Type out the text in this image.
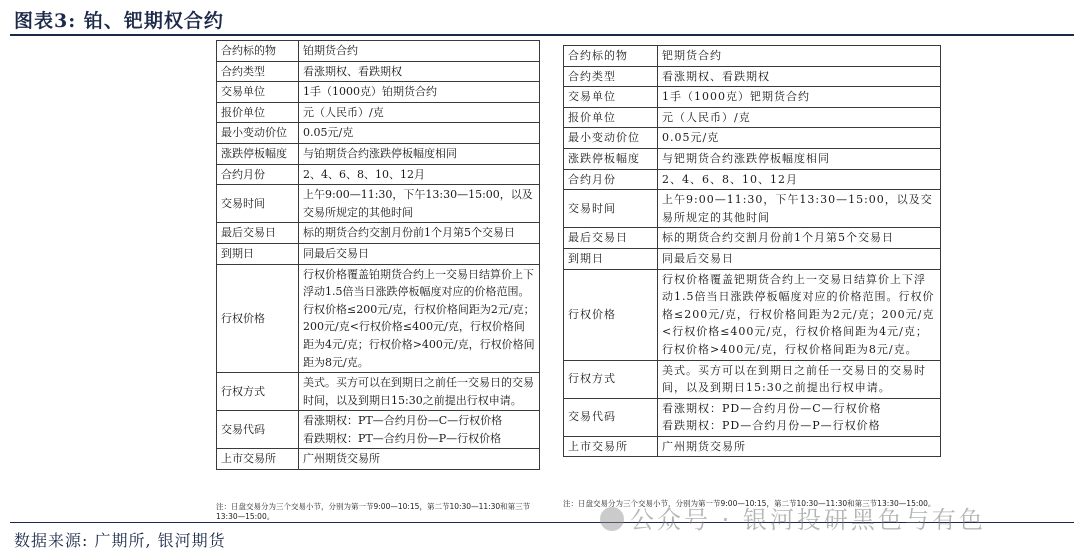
图表3: 铂、钯期权合约
合约标的物	铂期货合约
合约类型	看涨期权、看跌期权
交易单位	1手（1000克）铂期货合约
报价单位	元（人民币）/克
最小变动价位	0.05元/克
涨跌停板幅度	与铂期货合约涨跌停板幅度相同
合约月份	2、4、6、8、10、12月
交易时间	上午9:00—11:30，下午13:30—15:00，以及交易所规定的其他时间
最后交易日	标的期货合约交割月份前1个月第5个交易日
到期日	同最后交易日
行权价格	行权价格覆盖铂期货合约上一交易日结算价上下浮动1.5倍当日涨跌停板幅度对应的价格范围。行权价格≤200元/克，行权价格间距为2元/克；200元/克<行权价格≤400元/克，行权价格间距为4元/克；行权价格>400元/克，行权价格间距为8元/克。
行权方式	美式。买方可以在到期日之前任一交易日的交易时间，以及到期日15:30之前提出行权申请。
交易代码	看涨期权：PT—合约月份—C—行权价格
看跌期权：PT—合约月份—P—行权价格
上市交易所	广州期货交易所
注：日盘交易分为三个交易小节，分别为第一节9:00—10:15，第二节10:30—11:30和第三节13:30—15:00。
合约标的物	钯期货合约
合约类型	看涨期权、看跌期权
交易单位	1手（1000克）钯期货合约
报价单位	元（人民币）/克
最小变动价位	0.05元/克
涨跌停板幅度	与钯期货合约涨跌停板幅度相同
合约月份	2、4、6、8、10、12月
交易时间	上午9:00—11:30，下午13:30—15:00，以及交易所规定的其他时间
最后交易日	标的期货合约交割月份前1个月第5个交易日
到期日	同最后交易日
行权价格	行权价格覆盖钯期货合约上一交易日结算价上下浮动1.5倍当日涨跌停板幅度对应的价格范围。行权价格≤200元/克，行权价格间距为2元/克；200元/克<行权价格≤400元/克，行权价格间距为4元/克；行权价格>400元/克，行权价格间距为8元/克。
行权方式	美式。买方可以在到期日之前任一交易日的交易时间，以及到期日15:30之前提出行权申请。
交易代码	看涨期权：PD—合约月份—C—行权价格
看跌期权：PD—合约月份—P—行权价格
上市交易所	广州期货交易所
注：日盘交易分为三个交易小节，分别为第一节9:00—10:15，第二节10:30—11:30和第三节13:30—15:00。
数据来源: 广期所, 银河期货
公众号 · 银河投研黑色与有色
